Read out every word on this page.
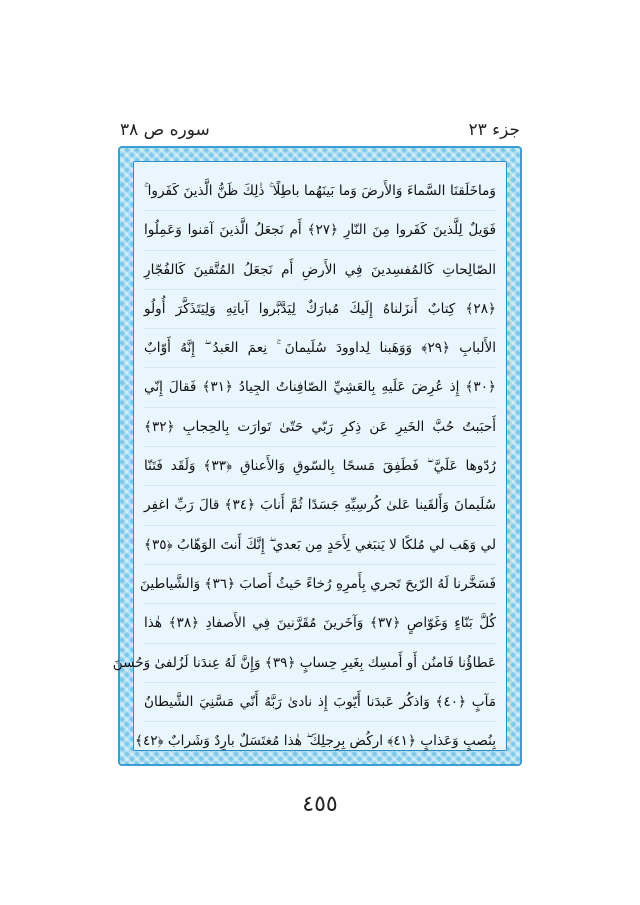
جزء ٢٣
سوره ص ٣٨
وَماخَلَقنَا السَّماءَ وَالأَرضَ وَما بَينَهُما باطِلًا ۚ ذٰلِكَ ظَنُّ الَّذينَ كَفَروا ۚ
فَوَيلٌ لِلَّذينَ كَفَروا مِنَ النّارِ ﴿٢٧﴾ أَم نَجعَلُ الَّذينَ آمَنوا وَعَمِلُوا
الصّالِحاتِ كَالمُفسِدينَ فِي الأَرضِ أَم نَجعَلُ المُتَّقينَ كَالفُجّارِ
﴿٢٨﴾ كِتابٌ أَنزَلناهُ إِلَيكَ مُبارَكٌ لِيَدَّبَّروا آياتِهِ وَلِيَتَذَكَّرَ أُولُو
الأَلبابِ ﴿٢٩﴾ وَوَهَبنا لِداوودَ سُلَيمانَ ۚ نِعمَ العَبدُ ۖ إِنَّهُ أَوّابٌ
﴿٣٠﴾ إِذ عُرِضَ عَلَيهِ بِالعَشِيِّ الصّافِناتُ الجِيادُ ﴿٣١﴾ فَقالَ إِنّي
أَحبَبتُ حُبَّ الخَيرِ عَن ذِكرِ رَبّي حَتّىٰ تَوارَت بِالحِجابِ ﴿٣٢﴾
رُدّوها عَلَيَّ ۖ فَطَفِقَ مَسحًا بِالسّوقِ وَالأَعناقِ ﴿٣٣﴾ وَلَقَد فَتَنّا
سُلَيمانَ وَأَلقَينا عَلىٰ كُرسِيِّهِ جَسَدًا ثُمَّ أَنابَ ﴿٣٤﴾ قالَ رَبِّ اغفِر
لي وَهَب لي مُلكًا لا يَنبَغي لِأَحَدٍ مِن بَعدي ۖ إِنَّكَ أَنتَ الوَهّابُ ﴿٣٥﴾
فَسَخَّرنا لَهُ الرّيحَ تَجري بِأَمرِهِ رُخاءً حَيثُ أَصابَ ﴿٣٦﴾ وَالشَّياطينَ
كُلَّ بَنّاءٍ وَغَوّاصٍ ﴿٣٧﴾ وَآخَرينَ مُقَرَّنينَ فِي الأَصفادِ ﴿٣٨﴾ هٰذا
عَطاؤُنا فَامنُن أَو أَمسِك بِغَيرِ حِسابٍ ﴿٣٩﴾ وَإِنَّ لَهُ عِندَنا لَزُلفىٰ وَحُسنَ
مَآبٍ ﴿٤٠﴾ وَاذكُر عَبدَنا أَيّوبَ إِذ نادىٰ رَبَّهُ أَنّي مَسَّنِيَ الشَّيطانُ
بِنُصبٍ وَعَذابٍ ﴿٤١﴾ اركُض بِرِجلِكَ ۖ هٰذا مُغتَسَلٌ بارِدٌ وَشَرابٌ ﴿٤٢﴾
٤٥٥
